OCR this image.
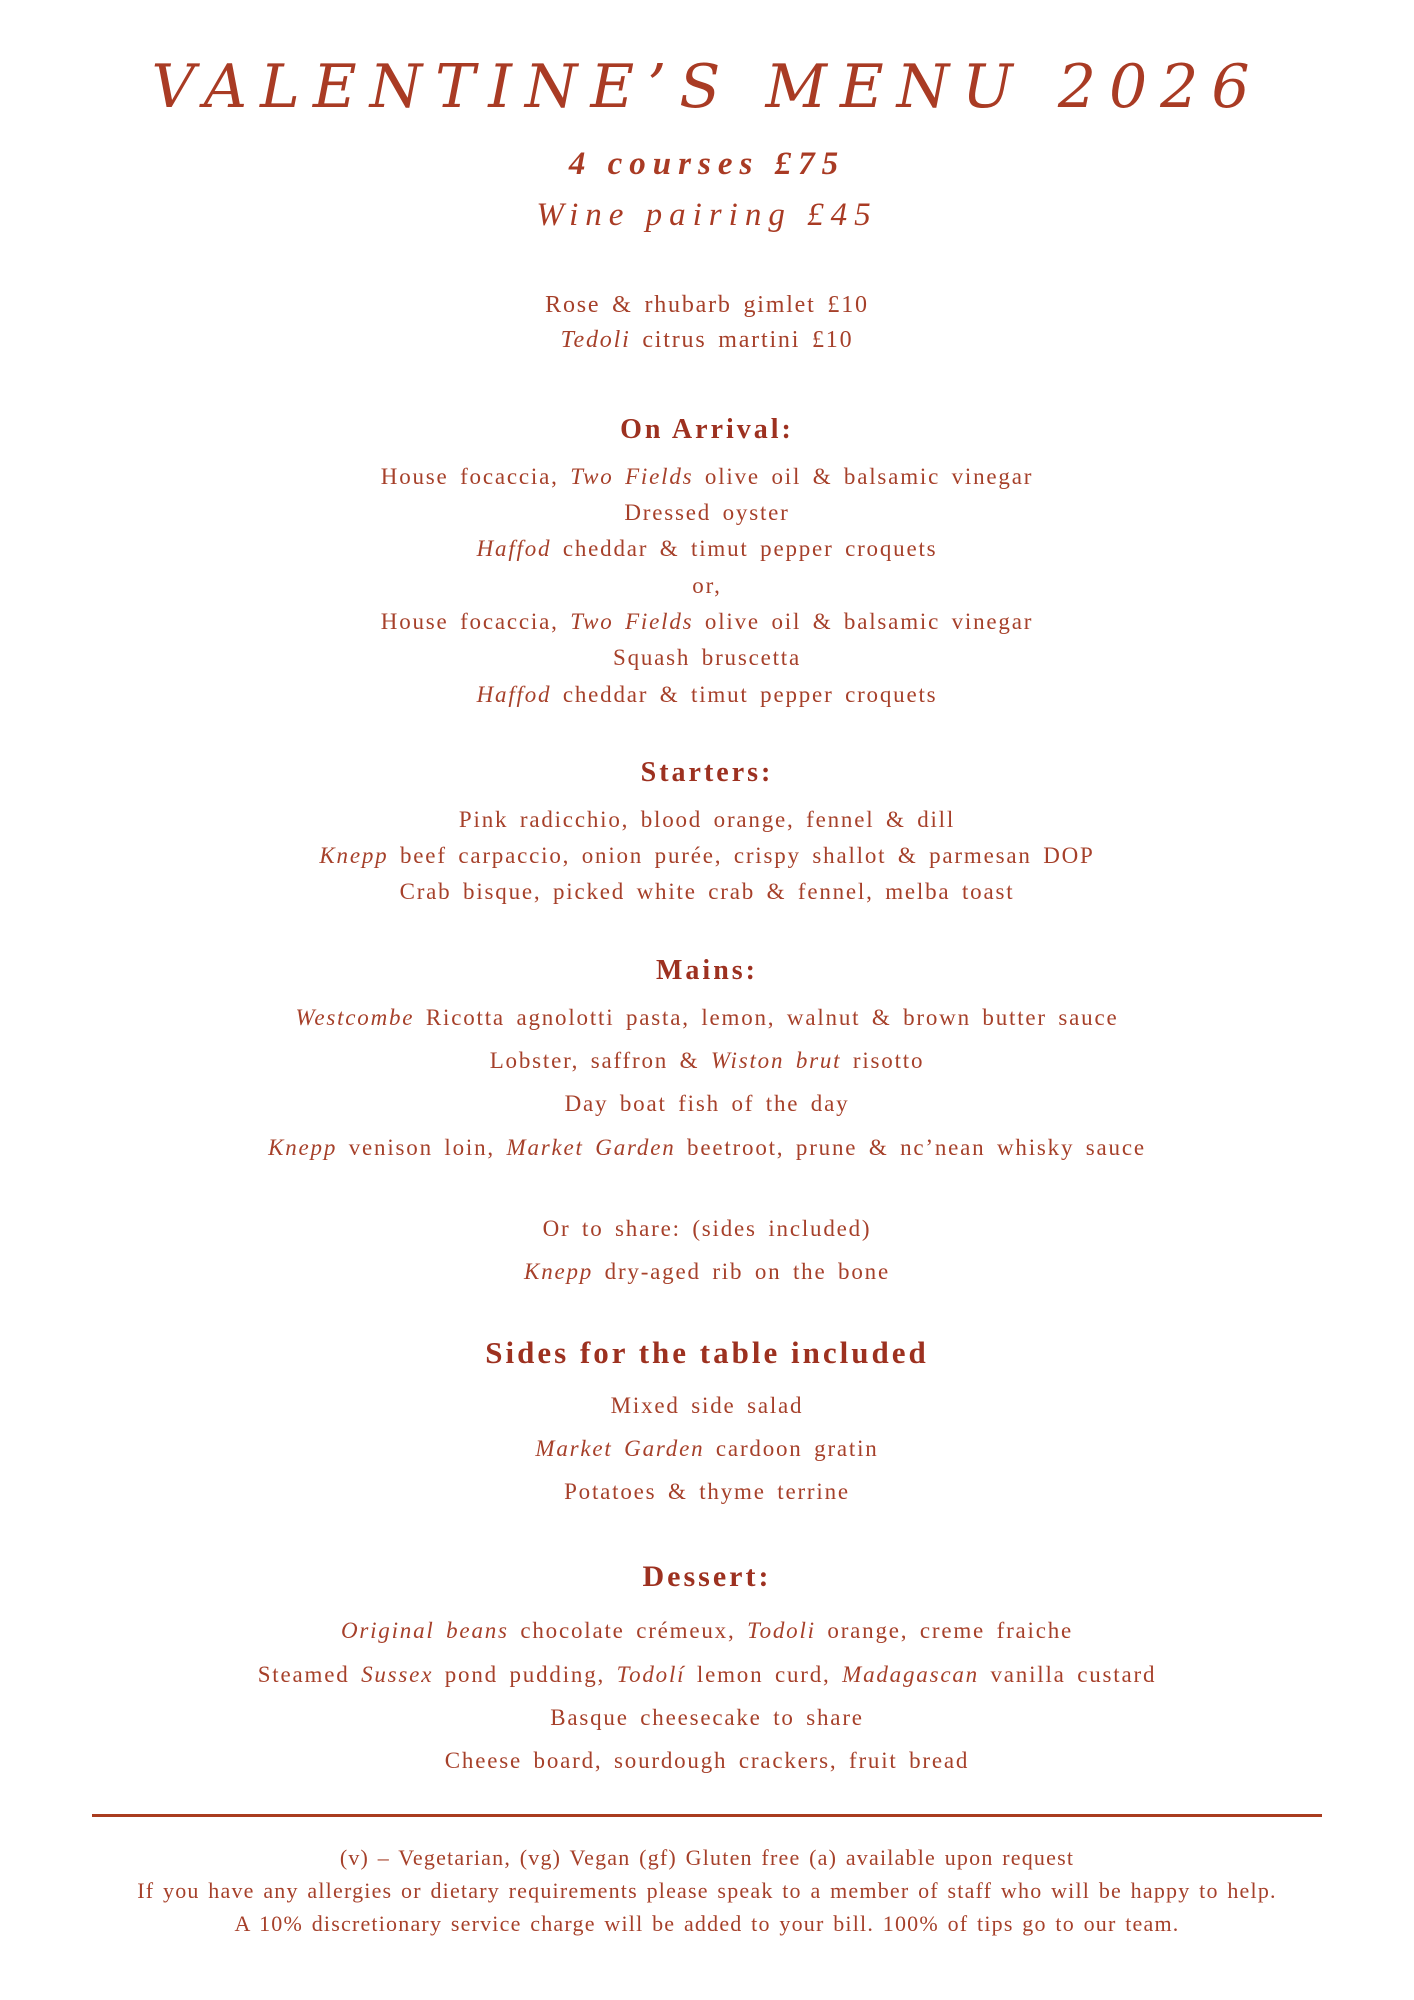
VALENTINE’S MENU 2026

4 courses £75

Wine pairing £45

Rose & rhubarb gimlet £10

Tedoli citrus martini £10

On Arrival:

House focaccia, Two Fields olive oil & balsamic vinegar

Dressed oyster

Haffod cheddar & timut pepper croquets

or,

House focaccia, Two Fields olive oil & balsamic vinegar

Squash bruscetta

Haffod cheddar & timut pepper croquets

Starters:

Pink radicchio, blood orange, fennel & dill

Knepp beef carpaccio, onion purée, crispy shallot & parmesan DOP

Crab bisque, picked white crab & fennel, melba toast

Mains:

Westcombe Ricotta agnolotti pasta, lemon, walnut & brown butter sauce

Lobster, saffron & Wiston brut risotto

Day boat fish of the day

Knepp venison loin, Market Garden beetroot, prune & nc’nean whisky sauce

Or to share: (sides included)

Knepp dry-aged rib on the bone

Sides for the table included

Mixed side salad

Market Garden cardoon gratin

Potatoes & thyme terrine

Dessert:

Original beans chocolate crémeux, Todoli orange, creme fraiche

Steamed Sussex pond pudding, Todolí lemon curd, Madagascan vanilla custard

Basque cheesecake to share

Cheese board, sourdough crackers, fruit bread

(v) – Vegetarian, (vg) Vegan (gf) Gluten free (a) available upon request

If you have any allergies or dietary requirements please speak to a member of staff who will be happy to help.

A 10% discretionary service charge will be added to your bill. 100% of tips go to our team.
